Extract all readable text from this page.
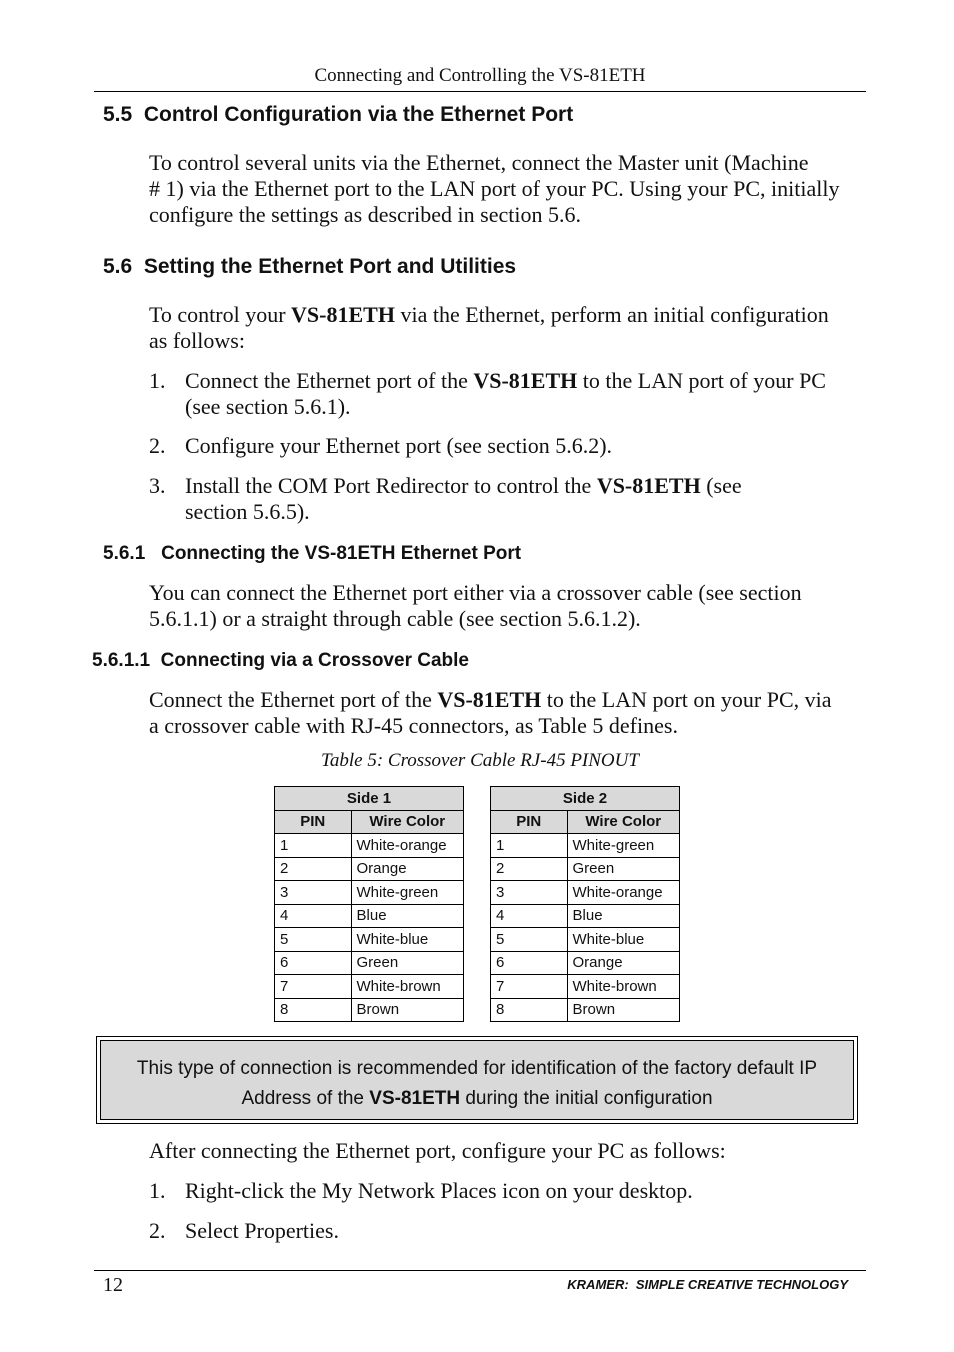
Connecting and Controlling the VS-81ETH
5.5  Control Configuration via the Ethernet Port
To control several units via the Ethernet, connect the Master unit (Machine
# 1) via the Ethernet port to the LAN port of your PC. Using your PC, initially
configure the settings as described in section 5.6.
5.6  Setting the Ethernet Port and Utilities
To control your VS-81ETH via the Ethernet, perform an initial configuration
as follows:
1. Connect the Ethernet port of the VS-81ETH to the LAN port of your PC
(see section 5.6.1).
2. Configure your Ethernet port (see section 5.6.2).
3. Install the COM Port Redirector to control the VS-81ETH (see
section 5.6.5).
5.6.1   Connecting the VS-81ETH Ethernet Port
You can connect the Ethernet port either via a crossover cable (see section
5.6.1.1) or a straight through cable (see section 5.6.1.2).
5.6.1.1  Connecting via a Crossover Cable
Connect the Ethernet port of the VS-81ETH to the LAN port on your PC, via
a crossover cable with RJ-45 connectors, as Table 5 defines.
Table 5: Crossover Cable RJ-45 PINOUT
Side 1	
PIN	Wire Color
1	White-orange
2	Orange
3	White-green
4	Blue
5	White-blue
6	Green
7	White-brown
8	Brown
Side 2	
PIN	Wire Color
1	White-green
2	Green
3	White-orange
4	Blue
5	White-blue
6	Orange
7	White-brown
8	Brown
This type of connection is recommended for identification of the factory default IP
Address of the VS-81ETH during the initial configuration
After connecting the Ethernet port, configure your PC as follows:
1. Right-click the My Network Places icon on your desktop.
2. Select Properties.
12	KRAMER:  SIMPLE CREATIVE TECHNOLOGY
